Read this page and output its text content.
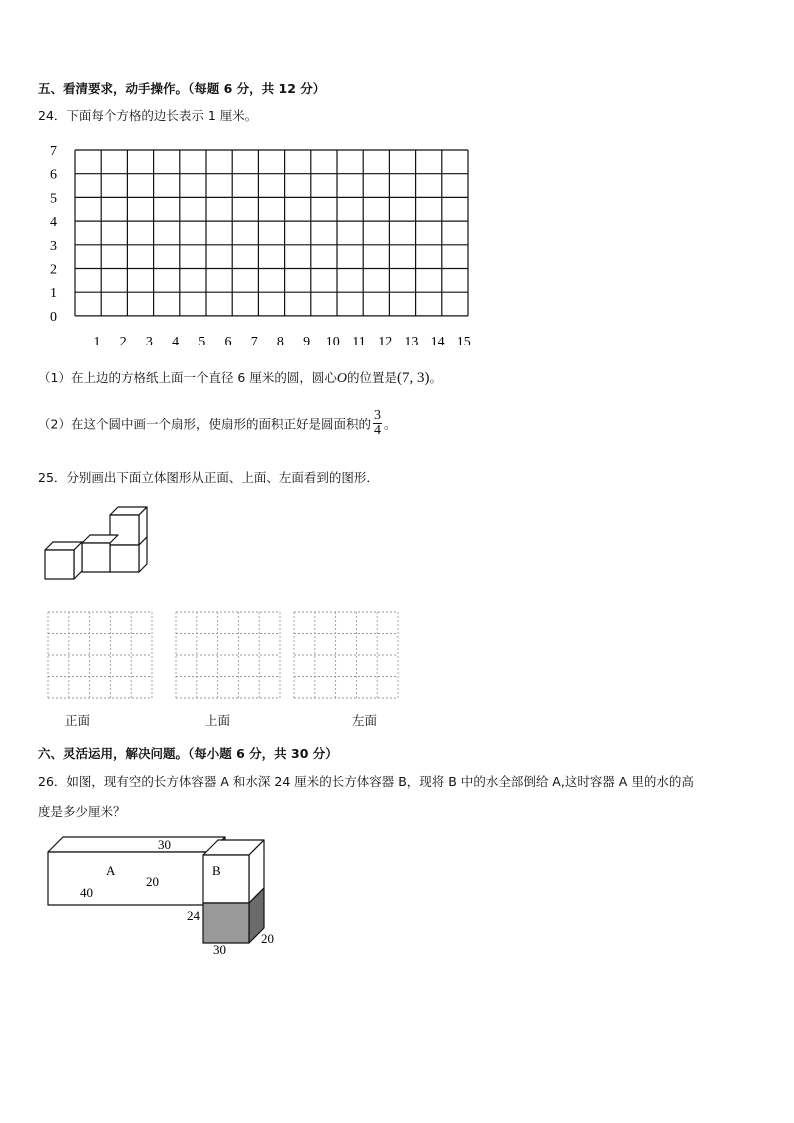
五、看清要求，动手操作。（每题 6 分，共 12 分）
24．下面每个方格的边长表示 1 厘米。
7
6
5
4
3
2
1
0
1 2 3 4 5 6 7 8 9 10 11 12 13 14 15
（1）在上边的方格纸上面一个直径 6 厘米的圆，圆心O的位置是(7, 3)。
（2）在这个圆中画一个扇形，使扇形的面积正好是圆面积的 $\frac{3}{4}$ 。
25．分别画出下面立体图形从正面、上面、左面看到的图形．
正面	上面	左面
六、灵活运用，解决问题。（每小题 6 分，共 30 分）
26．如图，现有空的长方体容器 A 和水深 24 厘米的长方体容器 B，现将 B 中的水全部倒给 A,这时容器 A 里的水的高
度是多少厘米？
A
40
20
30
B
24
30
20
